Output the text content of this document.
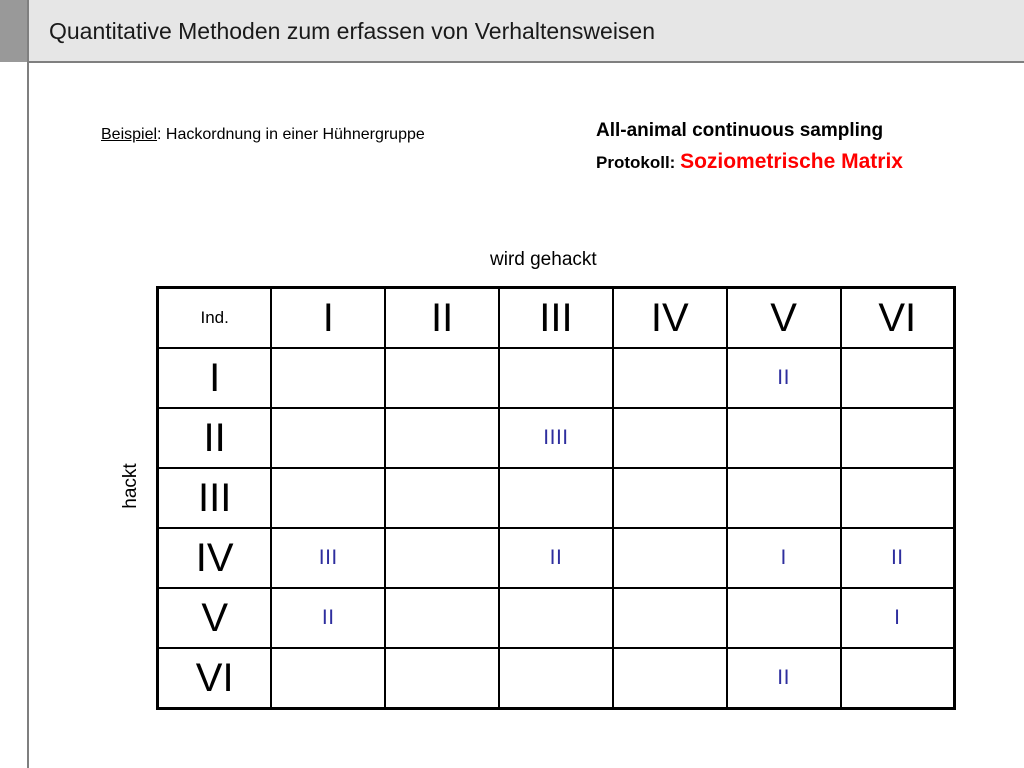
Quantitative Methoden zum erfassen von Verhaltensweisen
Beispiel: Hackordnung in einer Hühnergruppe	All-animal continuous sampling
Protokoll: Soziometrische Matrix
wird gehackt
hackt
Ind.	I	II	III	IV	V	VI
I					II	
II			IIII			
III						
IV	III		II		I	II
V	II					I
VI					II	
